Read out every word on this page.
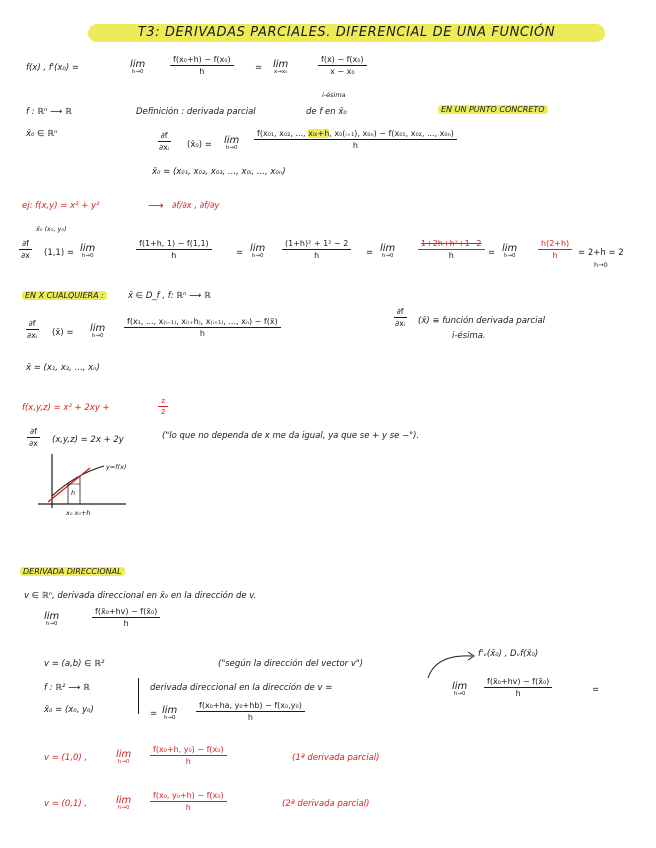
T3: DERIVADAS PARCIALES. DIFERENCIAL DE UNA FUNCIÓN
f(x) , f'(x₀) =	lim
h→0	$\frac{\text{f(x₀+h) − f(x₀)}}{h}$	= lim
x→x₀	$\frac{\text{f(x) − f(x₀)}}{\text{x − x₀}}$
i-ésima
f : ℝⁿ ⟶ ℝ
x̄₀ ∈ ℝⁿ
Definición : derivada parcial	de f en x̄₀	EN UN PUNTO CONCRETO
$\frac{\partial f}{\text{∂xᵢ}}$ (x̄₀) = lim
h→0
f(x₀₁, x₀₂, ..., x₀ᵢ+h, x₀(ᵢ₊₁), x₀ₙ) − f(x₀₁, x₀₂, ..., x₀ₙ)
h
x̄₀ = (x₀₁, x₀₂, x₀₃, ..., x₀ᵢ, ..., x₀ₙ)
ej: f(x,y) = x² + y²	⟶ ∂f/∂x , ∂f/∂y
x̄₀ (x₀, y₀)
$\frac{\partial f}{\partial x} (1,1) = \lim$
h→0	$\frac{f(1+h, 1) - f(1,1)}{h}$	= lim
$h\to 0 \frac{\text{(1+h)² + 1² − 2}}{h} = \lim$
h→0	$\frac{\text{1+2h+h²+1−2}}{h} = \lim$
h→0	$\frac{h(2+h)}{h} = 2+h = 2$
h→0
EN X CUALQUIERA :	x̄ ∈ D_f , f: ℝⁿ ⟶ ℝ
$\frac{\partial f}{\text{∂xᵢ}}$ (x̄) = lim
h→0	$\frac{\text{f(x₁, ..., x₍ᵢ₋₁₎, x₍ᵢ₊h₎, x₍ᵢ₊₁₎, ..., xₙ) − f(x̄)}}{h}$
x̄ = (x₁, x₂, ..., xₙ)
$\frac{\partial f}{\text{∂xᵢ}}$ (x̄) ≡ función derivada parcial
i-ésima.
f(x,y,z) = x² + 2xy +	$\frac{z}{2}$
$\frac{\partial f}{\partial x} (x,y,z) = 2x + 2y$	("lo que no dependa de x me da igual, ya que se + y se −").
y=f(x)
h
x₀ x₀+h
DERIVADA DIRECCIONAL
v ∈ ℝⁿ, derivada direccional en x̄₀ en la dirección de v.
lim
h→0	$\frac{\text{f(x̄₀+hv) − f(x̄₀)}}{h}$
v = (a,b) ∈ ℝ²	("según la dirección del vector v")
f'ᵥ(x̄₀) , Dᵥf(x̄₀)
f : ℝ² ⟶ ℝ	derivada direccional en la dirección de v =	lim
$h\to 0 \frac{\text{f(x̄₀+hv) − f(x̄₀)}}{h}$	=
x̄₀ = (x₀, y₀)	= lim
h→0	$\frac{\text{f(x₀+ha, y₀+hb) − f(x₀,y₀)}}{h}$
v = (1,0) ,	lim
h→0	$\frac{\text{f(x₀+h, y₀) − f(x₀)}}{h}$	(1ª derivada parcial)
v = (0,1) ,	lim
h→0	$\frac{\text{f(x₀, y₀+h) − f(x₀)}}{h}$	(2ª derivada parcial)
